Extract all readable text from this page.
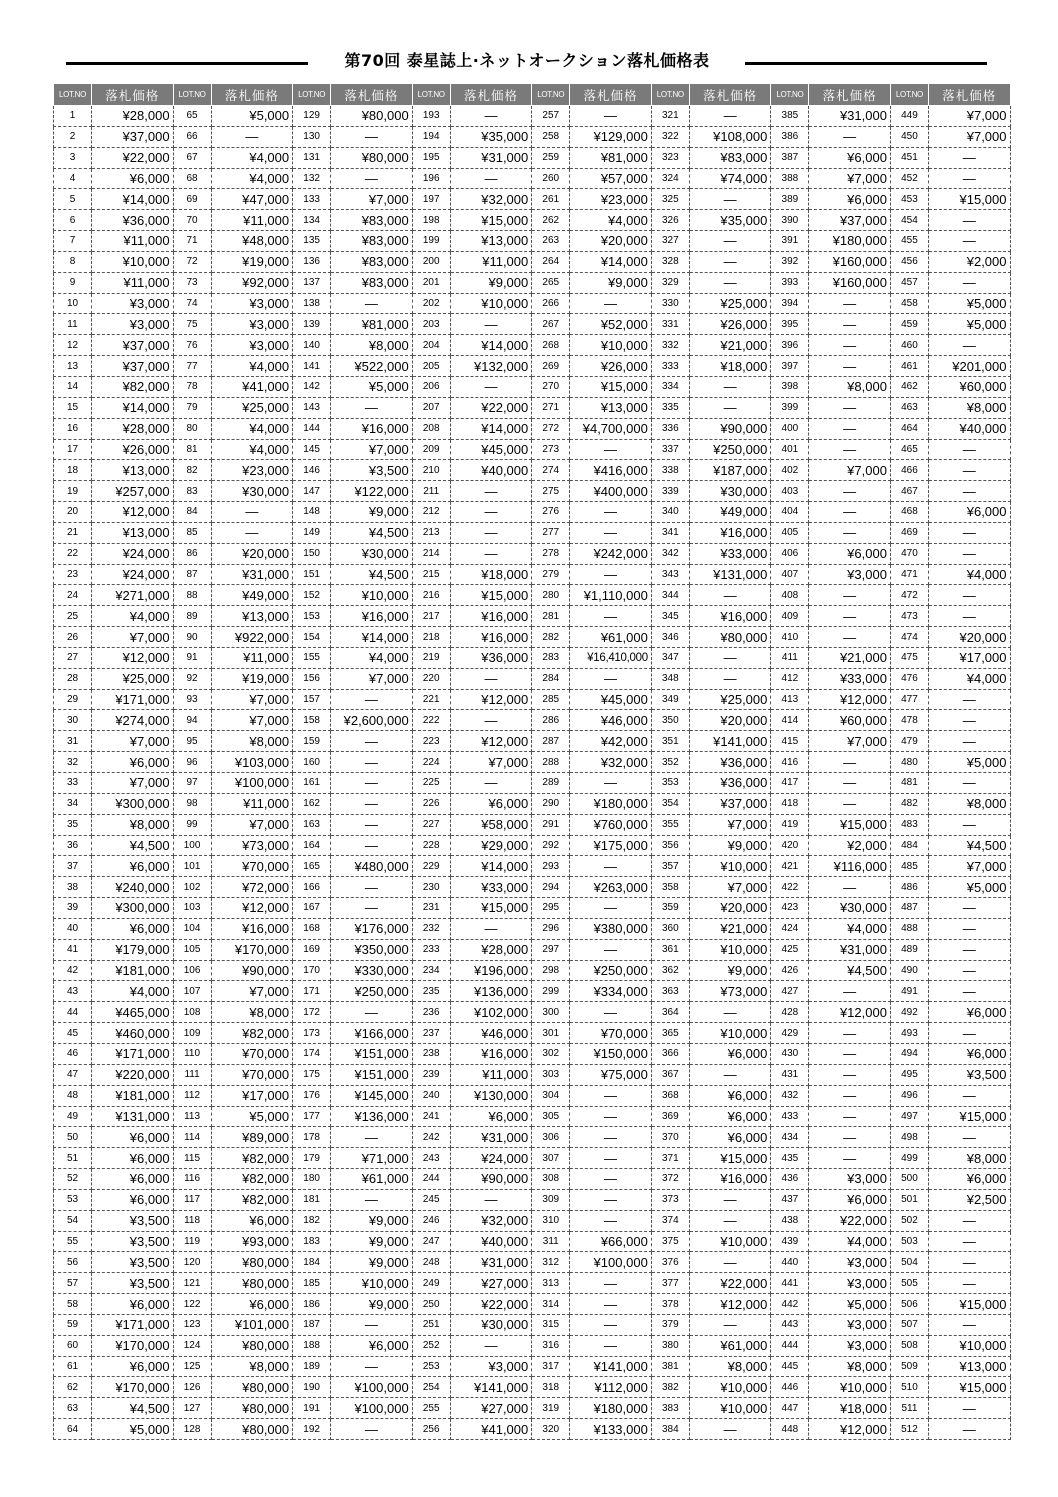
第70回 泰星誌上·ネットオークション落札価格表
LOT.NO	落札価格	LOT.NO	落札価格	LOT.NO	落札価格	LOT.NO	落札価格	LOT.NO	落札価格	LOT.NO	落札価格	LOT.NO	落札価格	LOT.NO	落札価格
1	¥28,000	65	¥5,000	129	¥80,000	193	—	257	—	321	—	385	¥31,000	449	¥7,000
2	¥37,000	66	—	130	—	194	¥35,000	258	¥129,000	322	¥108,000	386	—	450	¥7,000
3	¥22,000	67	¥4,000	131	¥80,000	195	¥31,000	259	¥81,000	323	¥83,000	387	¥6,000	451	—
4	¥6,000	68	¥4,000	132	—	196	—	260	¥57,000	324	¥74,000	388	¥7,000	452	—
5	¥14,000	69	¥47,000	133	¥7,000	197	¥32,000	261	¥23,000	325	—	389	¥6,000	453	¥15,000
6	¥36,000	70	¥11,000	134	¥83,000	198	¥15,000	262	¥4,000	326	¥35,000	390	¥37,000	454	—
7	¥11,000	71	¥48,000	135	¥83,000	199	¥13,000	263	¥20,000	327	—	391	¥180,000	455	—
8	¥10,000	72	¥19,000	136	¥83,000	200	¥11,000	264	¥14,000	328	—	392	¥160,000	456	¥2,000
9	¥11,000	73	¥92,000	137	¥83,000	201	¥9,000	265	¥9,000	329	—	393	¥160,000	457	—
10	¥3,000	74	¥3,000	138	—	202	¥10,000	266	—	330	¥25,000	394	—	458	¥5,000
11	¥3,000	75	¥3,000	139	¥81,000	203	—	267	¥52,000	331	¥26,000	395	—	459	¥5,000
12	¥37,000	76	¥3,000	140	¥8,000	204	¥14,000	268	¥10,000	332	¥21,000	396	—	460	—
13	¥37,000	77	¥4,000	141	¥522,000	205	¥132,000	269	¥26,000	333	¥18,000	397	—	461	¥201,000
14	¥82,000	78	¥41,000	142	¥5,000	206	—	270	¥15,000	334	—	398	¥8,000	462	¥60,000
15	¥14,000	79	¥25,000	143	—	207	¥22,000	271	¥13,000	335	—	399	—	463	¥8,000
16	¥28,000	80	¥4,000	144	¥16,000	208	¥14,000	272	¥4,700,000	336	¥90,000	400	—	464	¥40,000
17	¥26,000	81	¥4,000	145	¥7,000	209	¥45,000	273	—	337	¥250,000	401	—	465	—
18	¥13,000	82	¥23,000	146	¥3,500	210	¥40,000	274	¥416,000	338	¥187,000	402	¥7,000	466	—
19	¥257,000	83	¥30,000	147	¥122,000	211	—	275	¥400,000	339	¥30,000	403	—	467	—
20	¥12,000	84	—	148	¥9,000	212	—	276	—	340	¥49,000	404	—	468	¥6,000
21	¥13,000	85	—	149	¥4,500	213	—	277	—	341	¥16,000	405	—	469	—
22	¥24,000	86	¥20,000	150	¥30,000	214	—	278	¥242,000	342	¥33,000	406	¥6,000	470	—
23	¥24,000	87	¥31,000	151	¥4,500	215	¥18,000	279	—	343	¥131,000	407	¥3,000	471	¥4,000
24	¥271,000	88	¥49,000	152	¥10,000	216	¥15,000	280	¥1,110,000	344	—	408	—	472	—
25	¥4,000	89	¥13,000	153	¥16,000	217	¥16,000	281	—	345	¥16,000	409	—	473	—
26	¥7,000	90	¥922,000	154	¥14,000	218	¥16,000	282	¥61,000	346	¥80,000	410	—	474	¥20,000
27	¥12,000	91	¥11,000	155	¥4,000	219	¥36,000	283	¥16,410,000	347	—	411	¥21,000	475	¥17,000
28	¥25,000	92	¥19,000	156	¥7,000	220	—	284	—	348	—	412	¥33,000	476	¥4,000
29	¥171,000	93	¥7,000	157	—	221	¥12,000	285	¥45,000	349	¥25,000	413	¥12,000	477	—
30	¥274,000	94	¥7,000	158	¥2,600,000	222	—	286	¥46,000	350	¥20,000	414	¥60,000	478	—
31	¥7,000	95	¥8,000	159	—	223	¥12,000	287	¥42,000	351	¥141,000	415	¥7,000	479	—
32	¥6,000	96	¥103,000	160	—	224	¥7,000	288	¥32,000	352	¥36,000	416	—	480	¥5,000
33	¥7,000	97	¥100,000	161	—	225	—	289	—	353	¥36,000	417	—	481	—
34	¥300,000	98	¥11,000	162	—	226	¥6,000	290	¥180,000	354	¥37,000	418	—	482	¥8,000
35	¥8,000	99	¥7,000	163	—	227	¥58,000	291	¥760,000	355	¥7,000	419	¥15,000	483	—
36	¥4,500	100	¥73,000	164	—	228	¥29,000	292	¥175,000	356	¥9,000	420	¥2,000	484	¥4,500
37	¥6,000	101	¥70,000	165	¥480,000	229	¥14,000	293	—	357	¥10,000	421	¥116,000	485	¥7,000
38	¥240,000	102	¥72,000	166	—	230	¥33,000	294	¥263,000	358	¥7,000	422	—	486	¥5,000
39	¥300,000	103	¥12,000	167	—	231	¥15,000	295	—	359	¥20,000	423	¥30,000	487	—
40	¥6,000	104	¥16,000	168	¥176,000	232	—	296	¥380,000	360	¥21,000	424	¥4,000	488	—
41	¥179,000	105	¥170,000	169	¥350,000	233	¥28,000	297	—	361	¥10,000	425	¥31,000	489	—
42	¥181,000	106	¥90,000	170	¥330,000	234	¥196,000	298	¥250,000	362	¥9,000	426	¥4,500	490	—
43	¥4,000	107	¥7,000	171	¥250,000	235	¥136,000	299	¥334,000	363	¥73,000	427	—	491	—
44	¥465,000	108	¥8,000	172	—	236	¥102,000	300	—	364	—	428	¥12,000	492	¥6,000
45	¥460,000	109	¥82,000	173	¥166,000	237	¥46,000	301	¥70,000	365	¥10,000	429	—	493	—
46	¥171,000	110	¥70,000	174	¥151,000	238	¥16,000	302	¥150,000	366	¥6,000	430	—	494	¥6,000
47	¥220,000	111	¥70,000	175	¥151,000	239	¥11,000	303	¥75,000	367	—	431	—	495	¥3,500
48	¥181,000	112	¥17,000	176	¥145,000	240	¥130,000	304	—	368	¥6,000	432	—	496	—
49	¥131,000	113	¥5,000	177	¥136,000	241	¥6,000	305	—	369	¥6,000	433	—	497	¥15,000
50	¥6,000	114	¥89,000	178	—	242	¥31,000	306	—	370	¥6,000	434	—	498	—
51	¥6,000	115	¥82,000	179	¥71,000	243	¥24,000	307	—	371	¥15,000	435	—	499	¥8,000
52	¥6,000	116	¥82,000	180	¥61,000	244	¥90,000	308	—	372	¥16,000	436	¥3,000	500	¥6,000
53	¥6,000	117	¥82,000	181	—	245	—	309	—	373	—	437	¥6,000	501	¥2,500
54	¥3,500	118	¥6,000	182	¥9,000	246	¥32,000	310	—	374	—	438	¥22,000	502	—
55	¥3,500	119	¥93,000	183	¥9,000	247	¥40,000	311	¥66,000	375	¥10,000	439	¥4,000	503	—
56	¥3,500	120	¥80,000	184	¥9,000	248	¥31,000	312	¥100,000	376	—	440	¥3,000	504	—
57	¥3,500	121	¥80,000	185	¥10,000	249	¥27,000	313	—	377	¥22,000	441	¥3,000	505	—
58	¥6,000	122	¥6,000	186	¥9,000	250	¥22,000	314	—	378	¥12,000	442	¥5,000	506	¥15,000
59	¥171,000	123	¥101,000	187	—	251	¥30,000	315	—	379	—	443	¥3,000	507	—
60	¥170,000	124	¥80,000	188	¥6,000	252	—	316	—	380	¥61,000	444	¥3,000	508	¥10,000
61	¥6,000	125	¥8,000	189	—	253	¥3,000	317	¥141,000	381	¥8,000	445	¥8,000	509	¥13,000
62	¥170,000	126	¥80,000	190	¥100,000	254	¥141,000	318	¥112,000	382	¥10,000	446	¥10,000	510	¥15,000
63	¥4,500	127	¥80,000	191	¥100,000	255	¥27,000	319	¥180,000	383	¥10,000	447	¥18,000	511	—
64	¥5,000	128	¥80,000	192	—	256	¥41,000	320	¥133,000	384	—	448	¥12,000	512	—
